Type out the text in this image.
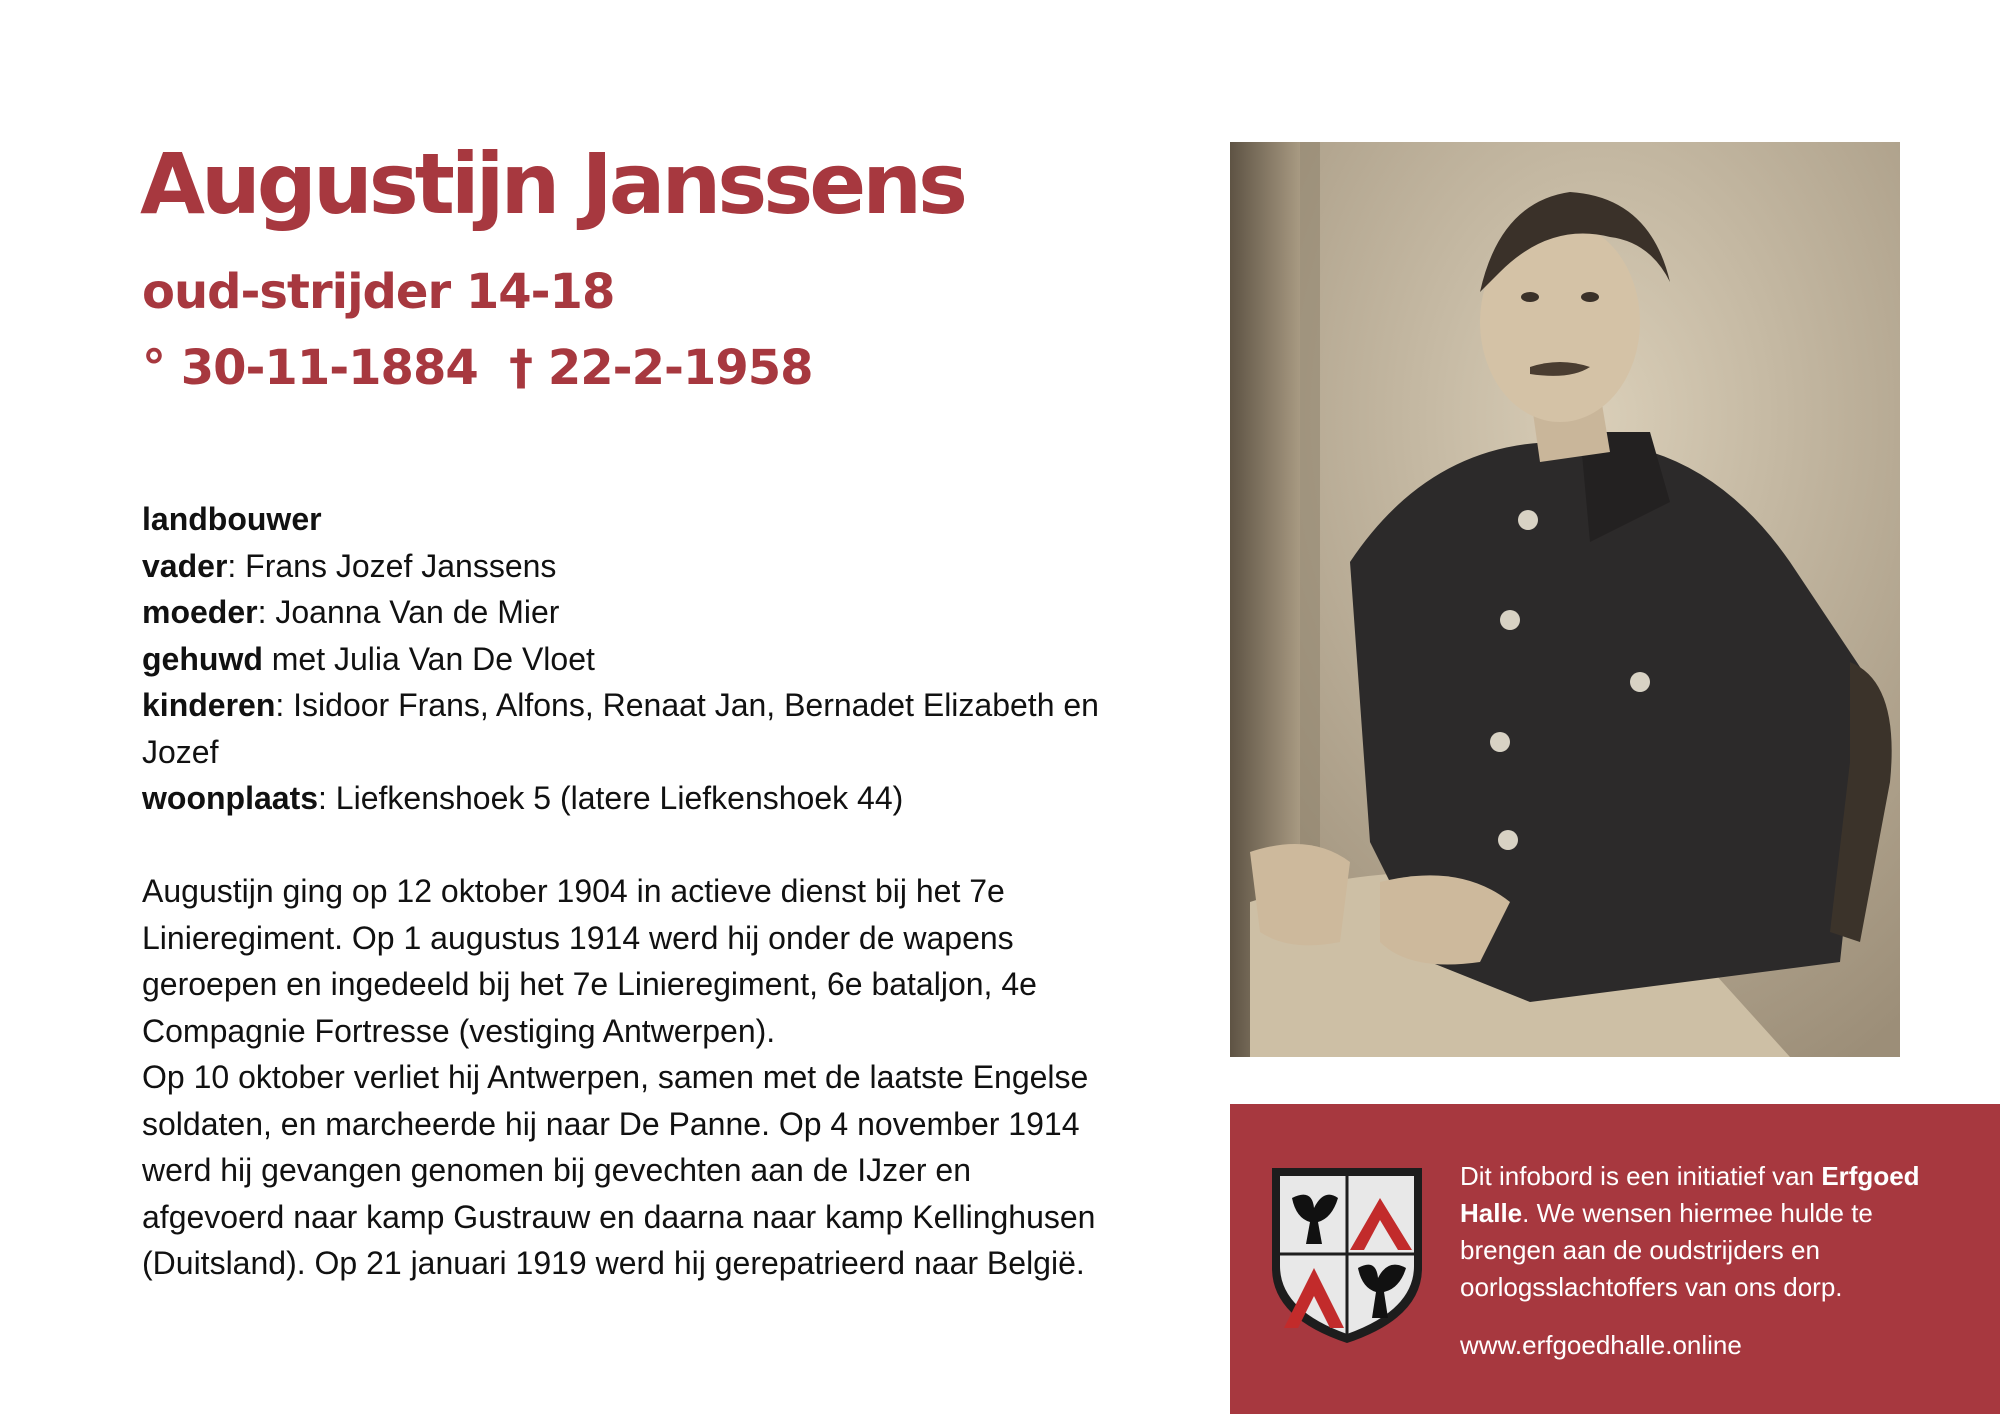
Augustijn Janssens
oud-strijder 14-18
° 30-11-1884  † 22-2-1958
landbouwer
vader: Frans Jozef Janssens
moeder: Joanna Van de Mier
gehuwd met Julia Van De Vloet
kinderen: Isidoor Frans, Alfons, Renaat Jan, Bernadet Elizabeth en Jozef
woonplaats: Liefkenshoek 5 (latere Liefkenshoek 44)

Augustijn ging op 12 oktober 1904 in actieve dienst bij het 7e Linieregiment. Op 1 augustus 1914 werd hij onder de wapens geroepen en ingedeeld bij het 7e Linieregiment, 6e bataljon, 4e Compagnie Fortresse (vestiging Antwerpen).

Op 10 oktober verliet hij Antwerpen, samen met de laatste Engelse soldaten, en marcheerde hij naar De Panne. Op 4 november 1914 werd hij gevangen genomen bij gevechten aan de IJzer en afgevoerd naar kamp Gustrauw en daarna naar kamp Kellinghusen (Duitsland). Op 21 januari 1919 werd hij gerepatrieerd naar België.

Dit infobord is een initiatief van Erfgoed Halle. We wensen hiermee hulde te brengen aan de oudstrijders en oorlogsslachtoffers van ons dorp.
www.erfgoedhalle.online
